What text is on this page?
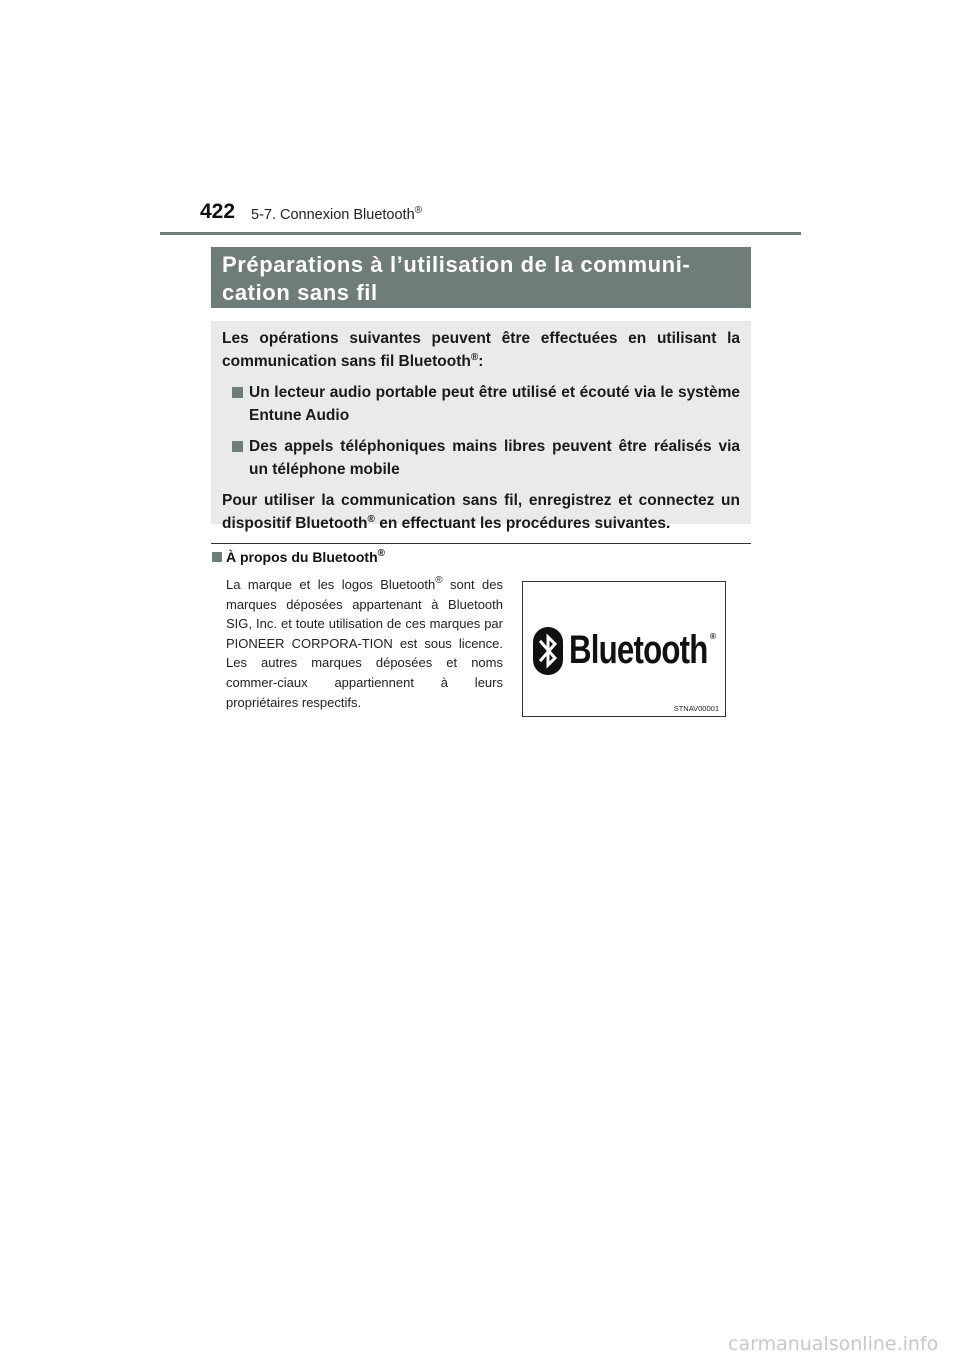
422 5-7. Connexion Bluetooth®
Préparations à l’utilisation de la communi-
cation sans fil

Les opérations suivantes peuvent être effectuées en utilisant la communication sans fil Bluetooth®:

Un lecteur audio portable peut être utilisé et écouté via le système Entune Audio
Des appels téléphoniques mains libres peuvent être réalisés via un téléphone mobile

Pour utiliser la communication sans fil, enregistrez et connectez un dispositif Bluetooth® en effectuant les procédures suivantes.

À propos du Bluetooth®

La marque et les logos Bluetooth® sont des marques déposées appartenant à Bluetooth SIG, Inc. et toute utilisation de ces marques par PIONEER CORPORA-TION est sous licence. Les autres marques déposées et noms commer-ciaux appartiennent à leurs propriétaires respectifs.

Bluetooth ®
STNAV00001
carmanualsonline.info
